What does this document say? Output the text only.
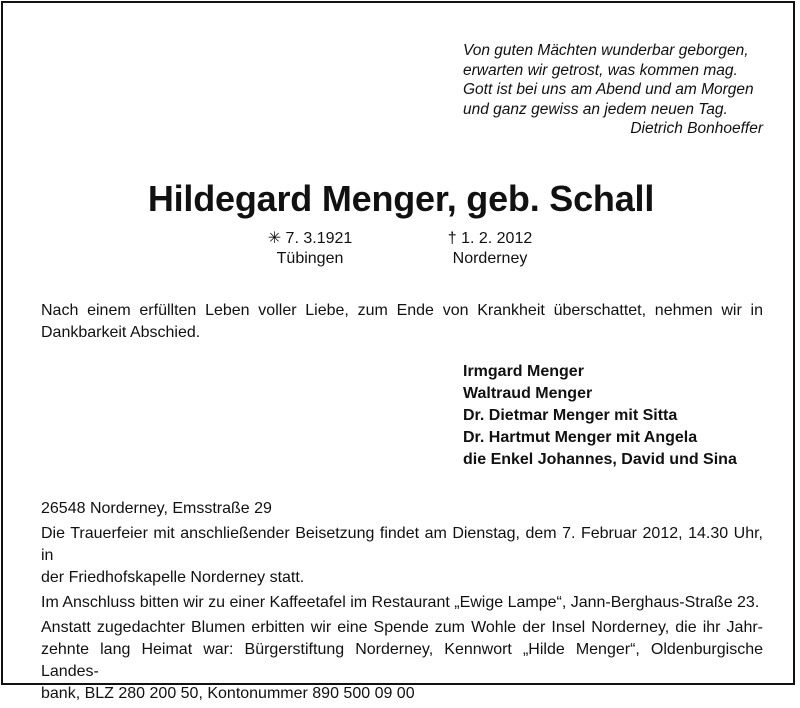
Von guten Mächten wunderbar geborgen,
erwarten wir getrost, was kommen mag.
Gott ist bei uns am Abend und am Morgen
und ganz gewiss an jedem neuen Tag.
Dietrich Bonhoeffer
Hildegard Menger, geb. Schall
✳ 7. 3.1921
Tübingen
† 1. 2. 2012
Norderney
Nach einem erfüllten Leben voller Liebe, zum Ende von Krankheit überschattet, nehmen wir in
Dankbarkeit Abschied.
Irmgard Menger
Waltraud Menger
Dr. Dietmar Menger mit Sitta
Dr. Hartmut Menger mit Angela
die Enkel Johannes, David und Sina
26548 Norderney, Emsstraße 29
Die Trauerfeier mit anschließender Beisetzung findet am Dienstag, dem 7. Februar 2012, 14.30 Uhr, in
der Friedhofskapelle Norderney statt.
Im Anschluss bitten wir zu einer Kaffeetafel im Restaurant „Ewige Lampe“, Jann-Berghaus-Straße 23.
Anstatt zugedachter Blumen erbitten wir eine Spende zum Wohle der Insel Norderney, die ihr Jahr-
zehnte lang Heimat war: Bürgerstiftung Norderney, Kennwort „Hilde Menger“, Oldenburgische Landes-
bank, BLZ 280 200 50, Kontonummer 890 500 09 00
